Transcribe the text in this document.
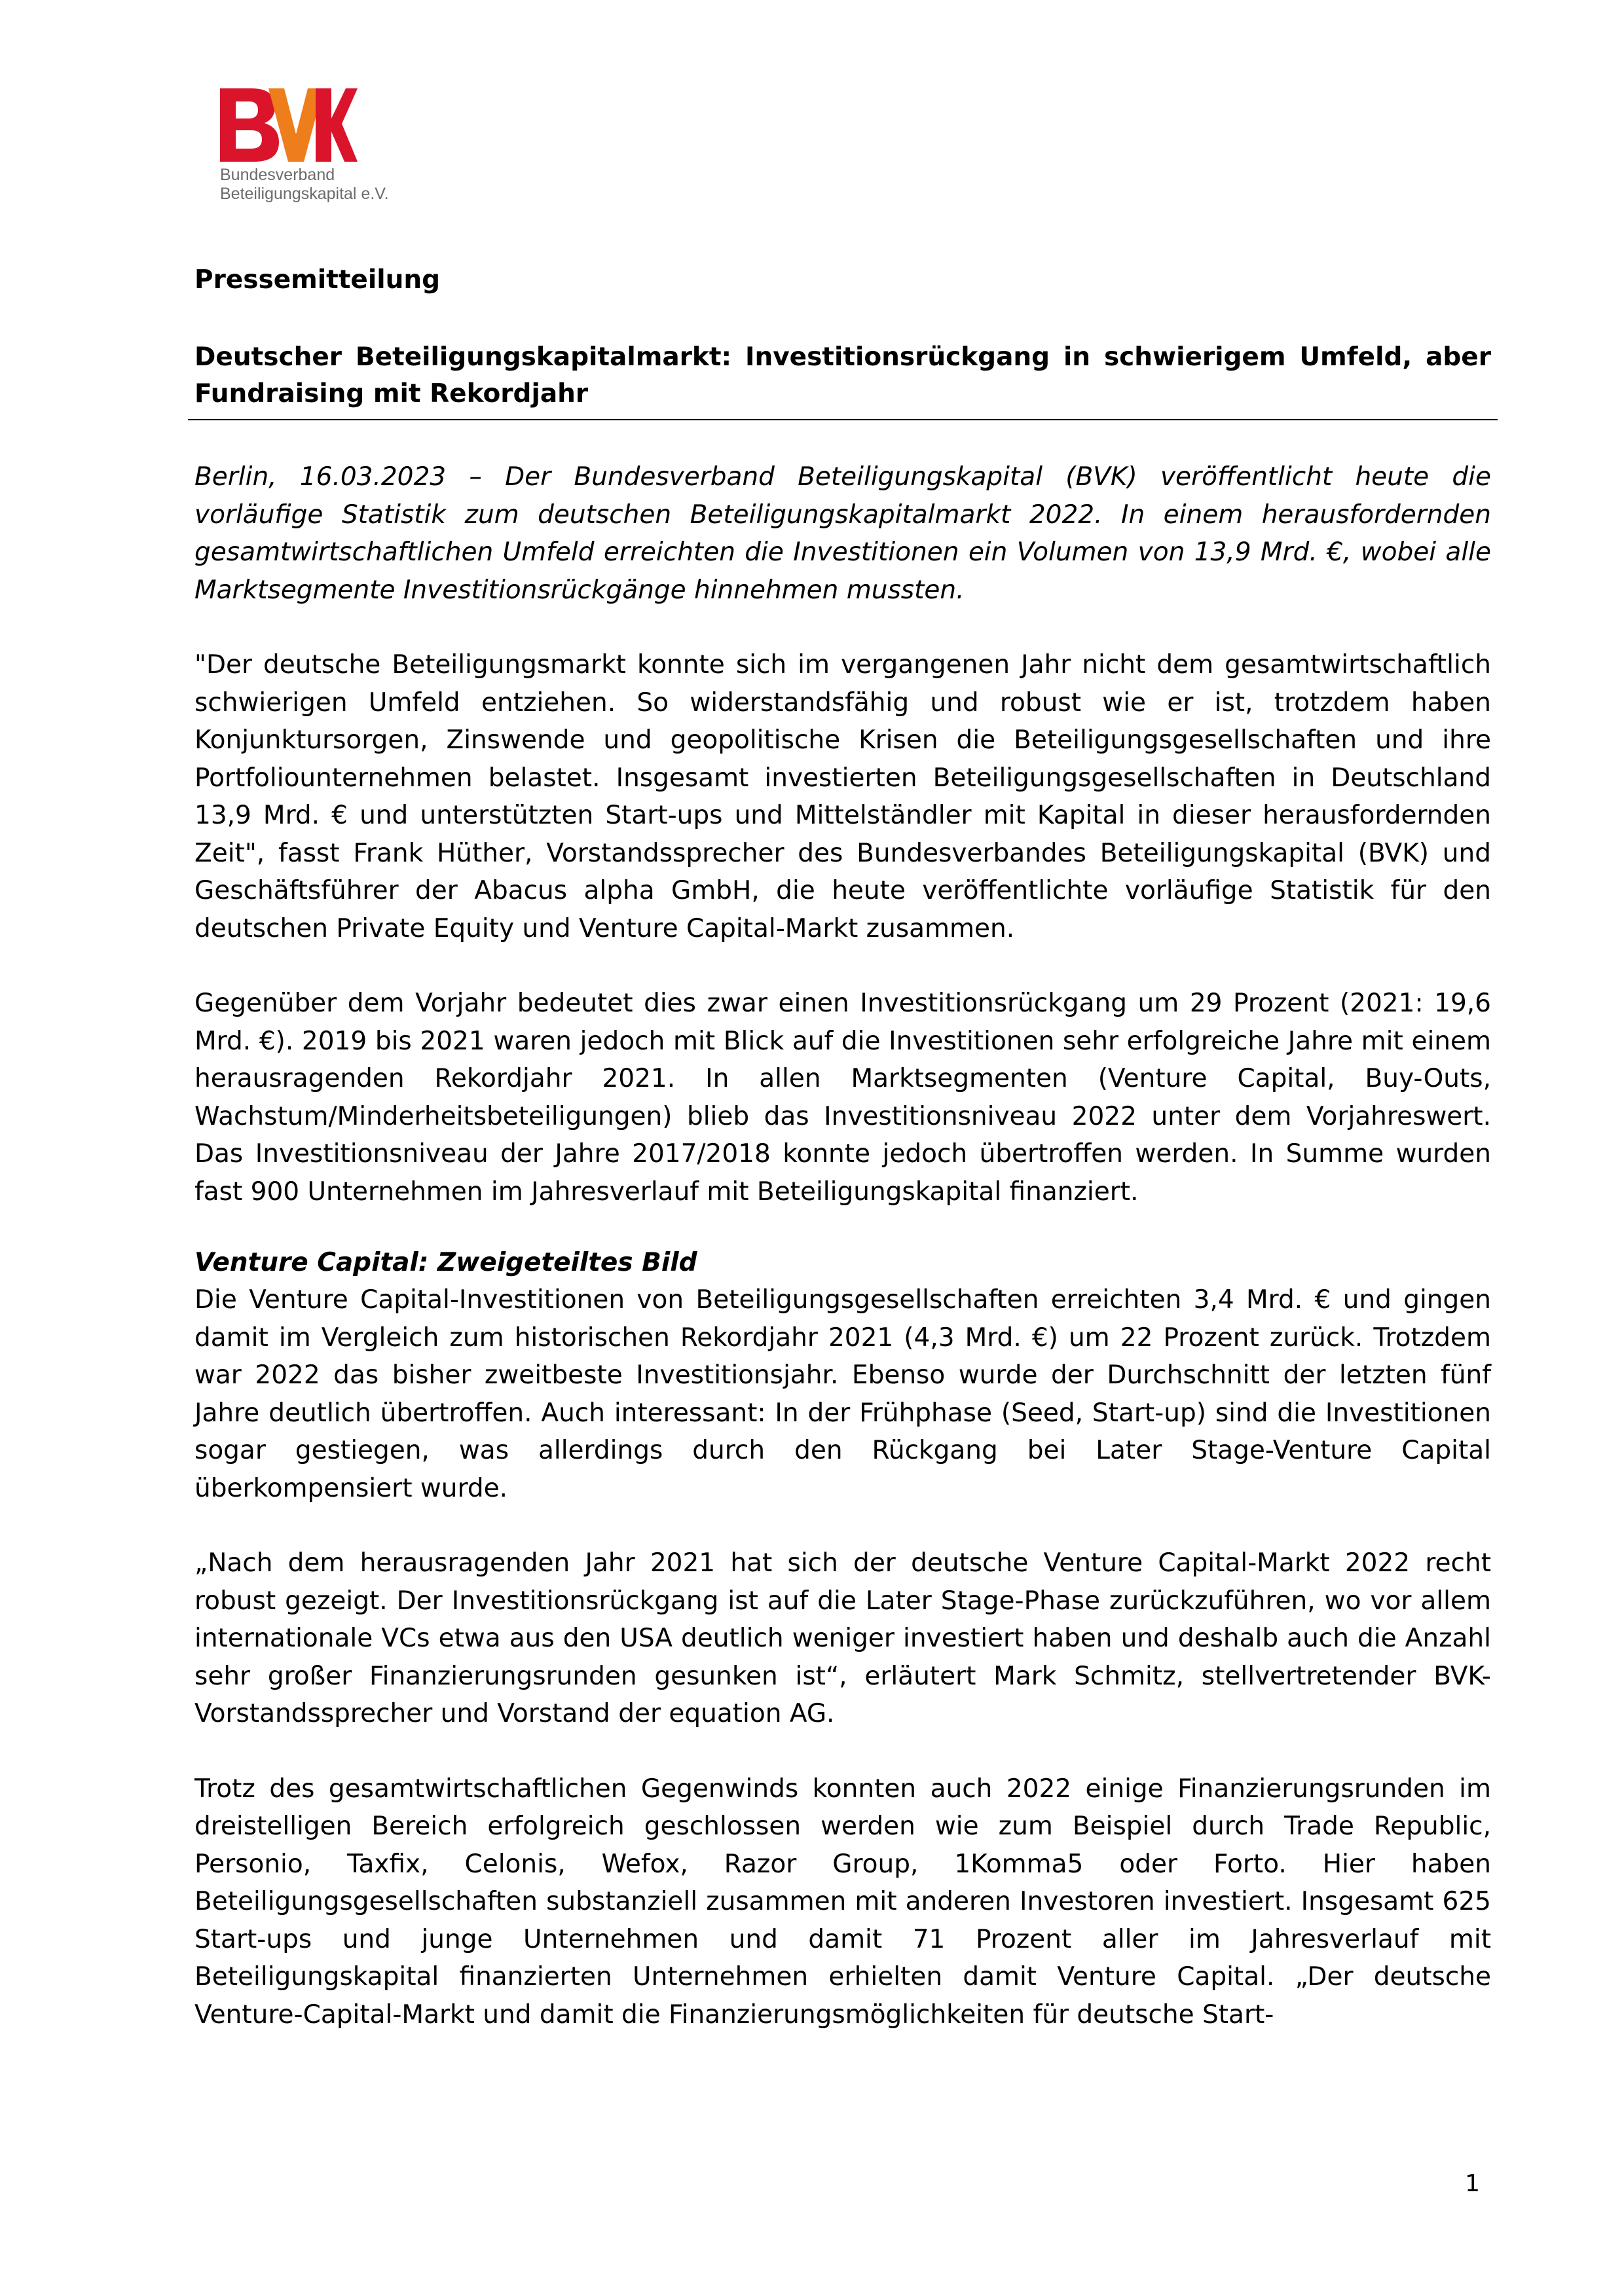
Bundesverband
Beteiligungskapital e.V.
Pressemitteilung
Deutscher Beteiligungskapitalmarkt: Investitionsrückgang in schwierigem Umfeld, aber Fundraising mit Rekordjahr

Berlin, 16.03.2023 – Der Bundesverband Beteiligungskapital (BVK) veröffentlicht heute die vorläufige Statistik zum deutschen Beteiligungskapitalmarkt 2022. In einem herausfordernden gesamtwirtschaftlichen Umfeld erreichten die Investitionen ein Volumen von 13,9 Mrd. €, wobei alle Marktsegmente Investitionsrückgänge hinnehmen mussten.

"Der deutsche Beteiligungsmarkt konnte sich im vergangenen Jahr nicht dem gesamtwirtschaftlich schwierigen Umfeld entziehen. So widerstandsfähig und robust wie er ist, trotzdem haben Konjunktursorgen, Zinswende und geopolitische Krisen die Beteiligungsgesellschaften und ihre Portfoliounternehmen belastet. Insgesamt investierten Beteiligungsgesellschaften in Deutschland 13,9 Mrd. € und unterstützten Start-ups und Mittelständler mit Kapital in dieser herausfordernden Zeit", fasst Frank Hüther, Vorstandssprecher des Bundesverbandes Beteiligungskapital (BVK) und Geschäftsführer der Abacus alpha GmbH, die heute veröffentlichte vorläufige Statistik für den deutschen Private Equity und Venture Capital-Markt zusammen.

Gegenüber dem Vorjahr bedeutet dies zwar einen Investitionsrückgang um 29 Prozent (2021: 19,6 Mrd. €). 2019 bis 2021 waren jedoch mit Blick auf die Investitionen sehr erfolgreiche Jahre mit einem herausragenden Rekordjahr 2021. In allen Marktsegmenten (Venture Capital, Buy-Outs, Wachstum/Minderheitsbeteiligungen) blieb das Investitionsniveau 2022 unter dem Vorjahreswert. Das Investitionsniveau der Jahre 2017/2018 konnte jedoch übertroffen werden. In Summe wurden fast 900 Unternehmen im Jahresverlauf mit Beteiligungskapital finanziert.

Venture Capital: Zweigeteiltes Bild

Die Venture Capital-Investitionen von Beteiligungsgesellschaften erreichten 3,4 Mrd. € und gingen damit im Vergleich zum historischen Rekordjahr 2021 (4,3 Mrd. €) um 22 Prozent zurück. Trotzdem war 2022 das bisher zweitbeste Investitionsjahr. Ebenso wurde der Durchschnitt der letzten fünf Jahre deutlich übertroffen. Auch interessant: In der Frühphase (Seed, Start-up) sind die Investitionen sogar gestiegen, was allerdings durch den Rückgang bei Later Stage-Venture Capital überkompensiert wurde.

„Nach dem herausragenden Jahr 2021 hat sich der deutsche Venture Capital-Markt 2022 recht robust gezeigt. Der Investitionsrückgang ist auf die Later Stage-Phase zurückzuführen, wo vor allem internationale VCs etwa aus den USA deutlich weniger investiert haben und deshalb auch die Anzahl sehr großer Finanzierungsrunden gesunken ist“, erläutert Mark Schmitz, stellvertretender BVK-Vorstandssprecher und Vorstand der equation AG.

Trotz des gesamtwirtschaftlichen Gegenwinds konnten auch 2022 einige Finanzierungsrunden im dreistelligen Bereich erfolgreich geschlossen werden wie zum Beispiel durch Trade Republic, Personio, Taxfix, Celonis, Wefox, Razor Group, 1Komma5 oder Forto. Hier haben Beteiligungsgesellschaften substanziell zusammen mit anderen Investoren investiert. Insgesamt 625 Start-ups und junge Unternehmen und damit 71 Prozent aller im Jahresverlauf mit Beteiligungskapital finanzierten Unternehmen erhielten damit Venture Capital. „Der deutsche Venture-Capital-Markt und damit die Finanzierungsmöglichkeiten für deutsche Start-

1
